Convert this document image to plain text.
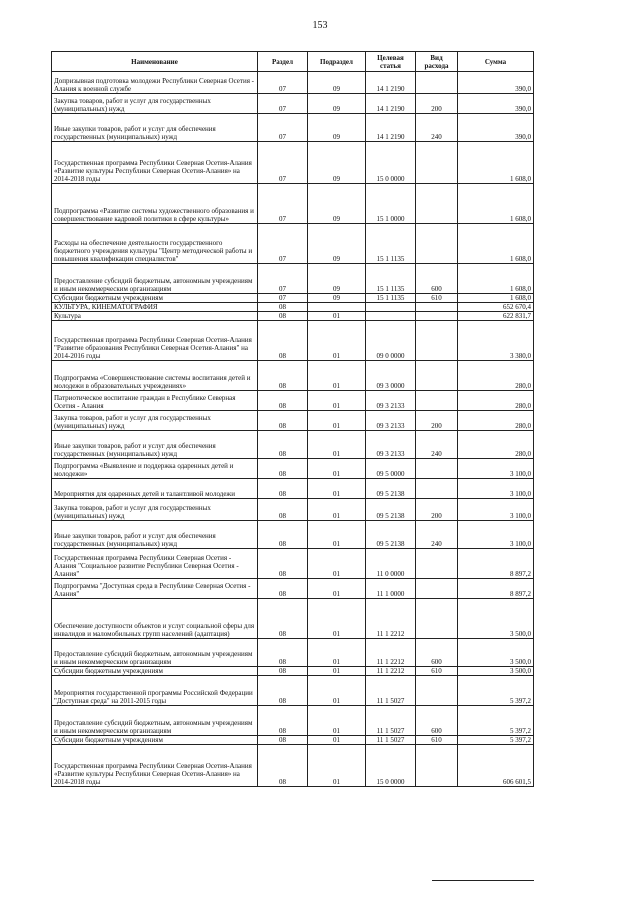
153
Наименование	Раздел	Подраздел	Целевая статья	Вид расхода	Сумма
Допризывная подготовка молодежи Республики Северная Осетия - Алания к военной службе	07	09	14 1 2190		390,0
Закупка товаров, работ и услуг для государственных (муниципальных) нужд	07	09	14 1 2190	200	390,0
Иные закупки товаров, работ и услуг для обеспечения государственных (муниципальных) нужд	07	09	14 1 2190	240	390,0
Государственная программа Республики Северная Осетия-Алания «Развитие культуры Республики Северная Осетия-Алания» на 2014-2018 годы	07	09	15 0 0000		1 608,0
Подпрограмма «Развитие системы художественного образования и совершенствование кадровой политики в сфере культуры»	07	09	15 1 0000		1 608,0
Расходы на обеспечение деятельности государственного бюджетного учреждения культуры "Центр методической работы и повышения квалификации специалистов"	07	09	15 1 1135		1 608,0
Предоставление субсидий бюджетным, автономным учреждениям и иным некоммерческим организациям	07	09	15 1 1135	600	1 608,0
Субсидии бюджетным учреждениям	07	09	15 1 1135	610	1 608,0
КУЛЬТУРА, КИНЕМАТОГРАФИЯ	08				652 670,4
Культура	08	01			622 831,7
Государственная программа Республики Северная Осетия-Алания "Развитие образования Республики Северная Осетия-Алания" на 2014-2016 годы	08	01	09 0 0000		3 380,0
Подпрограмма «Совершенствование системы воспитания детей и молодежи в образовательных учреждениях»	08	01	09 3 0000		280,0
Патриотическое воспитание граждан в Республике Северная Осетия - Алания	08	01	09 3 2133		280,0
Закупка товаров, работ и услуг для государственных (муниципальных) нужд	08	01	09 3 2133	200	280,0
Иные закупки товаров, работ и услуг для обеспечения государственных (муниципальных) нужд	08	01	09 3 2133	240	280,0
Подпрограмма «Выявление и поддержка одаренных детей и молодежи»	08	01	09 5 0000		3 100,0
Мероприятия для одаренных детей и талантливой молодежи	08	01	09 5 2138		3 100,0
Закупка товаров, работ и услуг для государственных (муниципальных) нужд	08	01	09 5 2138	200	3 100,0
Иные закупки товаров, работ и услуг для обеспечения государственных (муниципальных) нужд	08	01	09 5 2138	240	3 100,0
Государственная программа Республики Северная Осетия - Алания "Социальное развитие Республики Северная Осетия - Алания"	08	01	11 0 0000		8 897,2
Подпрограмма "Доступная среда в Республике Северная Осетия - Алания"	08	01	11 1 0000		8 897,2
Обеспечение доступности объектов и услуг социальной сферы для инвалидов и маломобильных групп населений (адаптация)	08	01	11 1 2212		3 500,0
Предоставление субсидий бюджетным, автономным учреждениям и иным некоммерческим организациям	08	01	11 1 2212	600	3 500,0
Субсидии бюджетным учреждениям	08	01	11 1 2212	610	3 500,0
Мероприятия государственной программы Российской Федерации "Доступная среда" на 2011-2015 годы	08	01	11 1 5027		5 397,2
Предоставление субсидий бюджетным, автономным учреждениям и иным некоммерческим организациям	08	01	11 1 5027	600	5 397,2
Субсидии бюджетным учреждениям	08	01	11 1 5027	610	5 397,2
Государственная программа Республики Северная Осетия-Алания «Развитие культуры Республики Северная Осетия-Алания» на 2014-2018 годы	08	01	15 0 0000		606 601,5
